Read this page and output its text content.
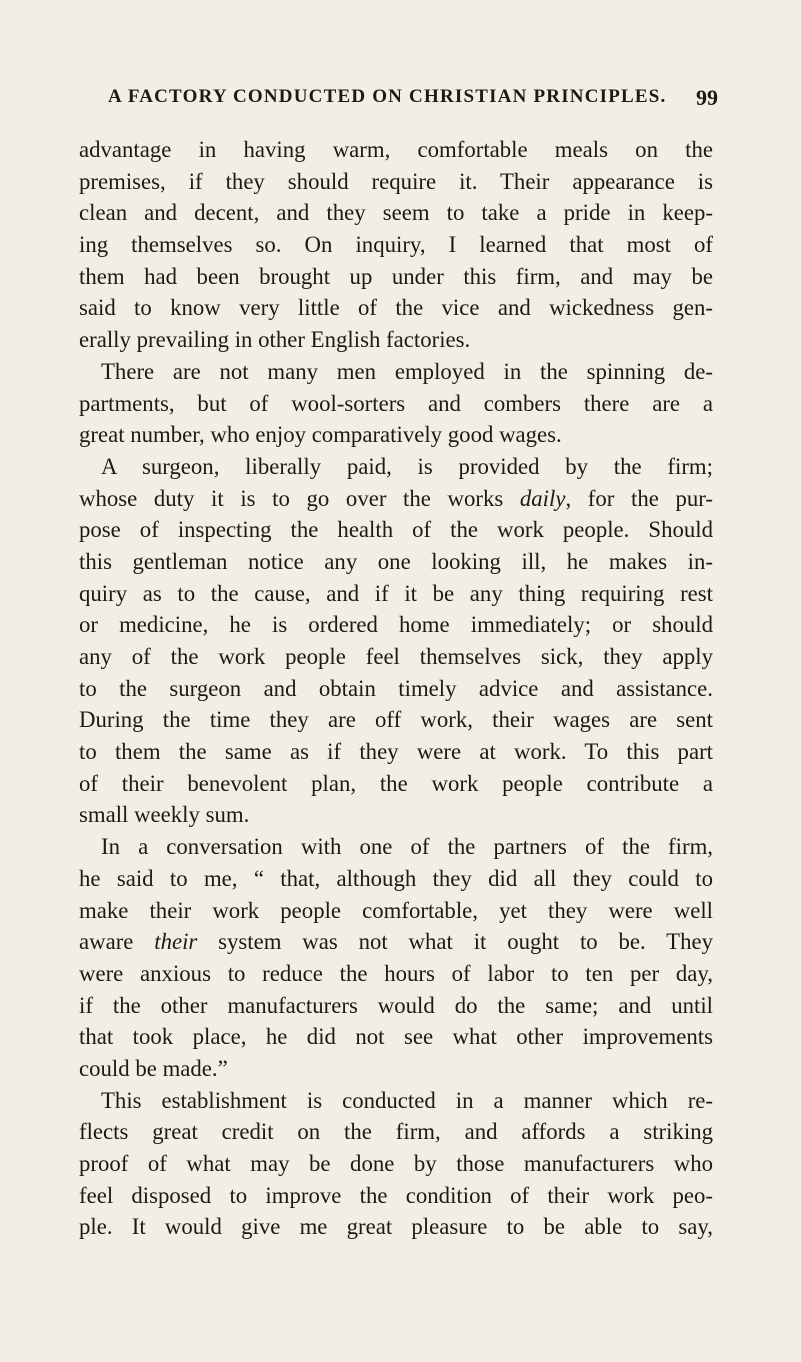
A FACTORY CONDUCTED ON CHRISTIAN PRINCIPLES. 99
advantage in having warm, comfortable meals on the
premises, if they should require it. Their appearance is
clean and decent, and they seem to take a pride in keep-
ing themselves so. On inquiry, I learned that most of
them had been brought up under this firm, and may be
said to know very little of the vice and wickedness gen-
erally prevailing in other English factories.
There are not many men employed in the spinning de-
partments, but of wool-sorters and combers there are a
great number, who enjoy comparatively good wages.
A surgeon, liberally paid, is provided by the firm;
whose duty it is to go over the works daily, for the pur-
pose of inspecting the health of the work people. Should
this gentleman notice any one looking ill, he makes in-
quiry as to the cause, and if it be any thing requiring rest
or medicine, he is ordered home immediately; or should
any of the work people feel themselves sick, they apply
to the surgeon and obtain timely advice and assistance.
During the time they are off work, their wages are sent
to them the same as if they were at work. To this part
of their benevolent plan, the work people contribute a
small weekly sum.
In a conversation with one of the partners of the firm,
he said to me, “ that, although they did all they could to
make their work people comfortable, yet they were well
aware their system was not what it ought to be. They
were anxious to reduce the hours of labor to ten per day,
if the other manufacturers would do the same; and until
that took place, he did not see what other improvements
could be made.”
This establishment is conducted in a manner which re-
flects great credit on the firm, and affords a striking
proof of what may be done by those manufacturers who
feel disposed to improve the condition of their work peo-
ple. It would give me great pleasure to be able to say,
